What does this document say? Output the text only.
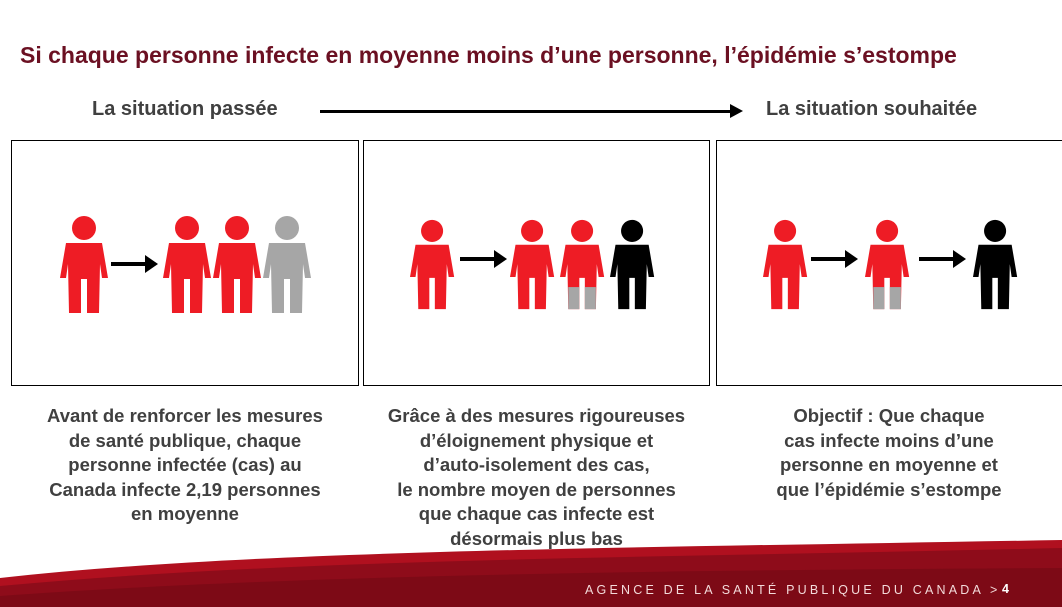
Si chaque personne infecte en moyenne moins d’une personne, l’épidémie s’estompe
La situation passée	La situation souhaitée
Avant de renforcer les mesures
de santé publique, chaque
personne infectée (cas) au
Canada infecte 2,19 personnes
en moyenne
Grâce à des mesures rigoureuses
d’éloignement physique et
d’auto-isolement des cas,
le nombre moyen de personnes
que chaque cas infecte est
désormais plus bas
Objectif : Que chaque
cas infecte moins d’une
personne en moyenne et
que l’épidémie s’estompe
AGENCE DE LA SANTÉ PUBLIQUE DU CANADA > 4
